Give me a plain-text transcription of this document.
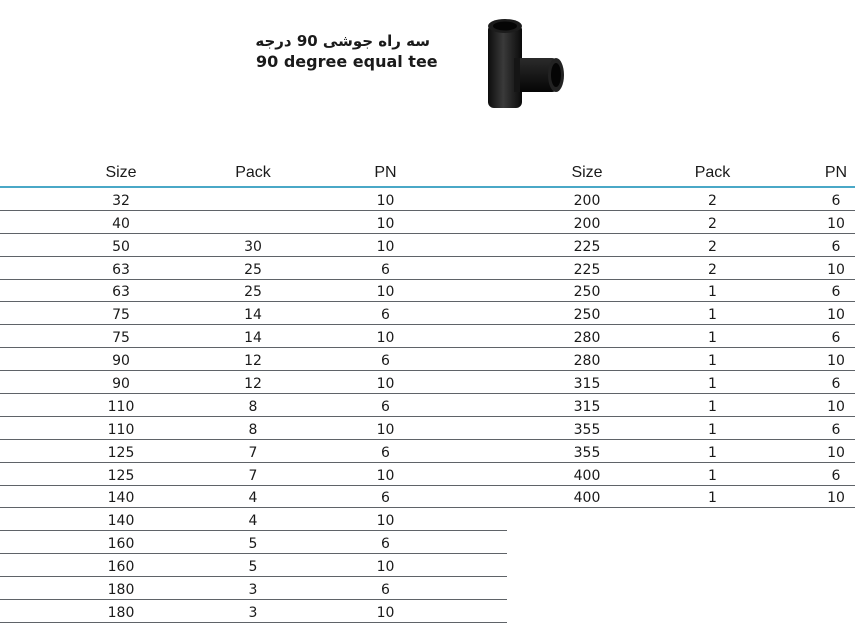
سه راه جوشی 90 درجه
90 degree equal tee
Size	Pack	PN
32		10
40		10
50	30	10
63	25	6
63	25	10
75	14	6
75	14	10
90	12	6
90	12	10
110	8	6
110	8	10
125	7	6
125	7	10
140	4	6
140	4	10
160	5	6
160	5	10
180	3	6
180	3	10
Size	Pack	PN
200	2	6
200	2	10
225	2	6
225	2	10
250	1	6
250	1	10
280	1	6
280	1	10
315	1	6
315	1	10
355	1	6
355	1	10
400	1	6
400	1	10
